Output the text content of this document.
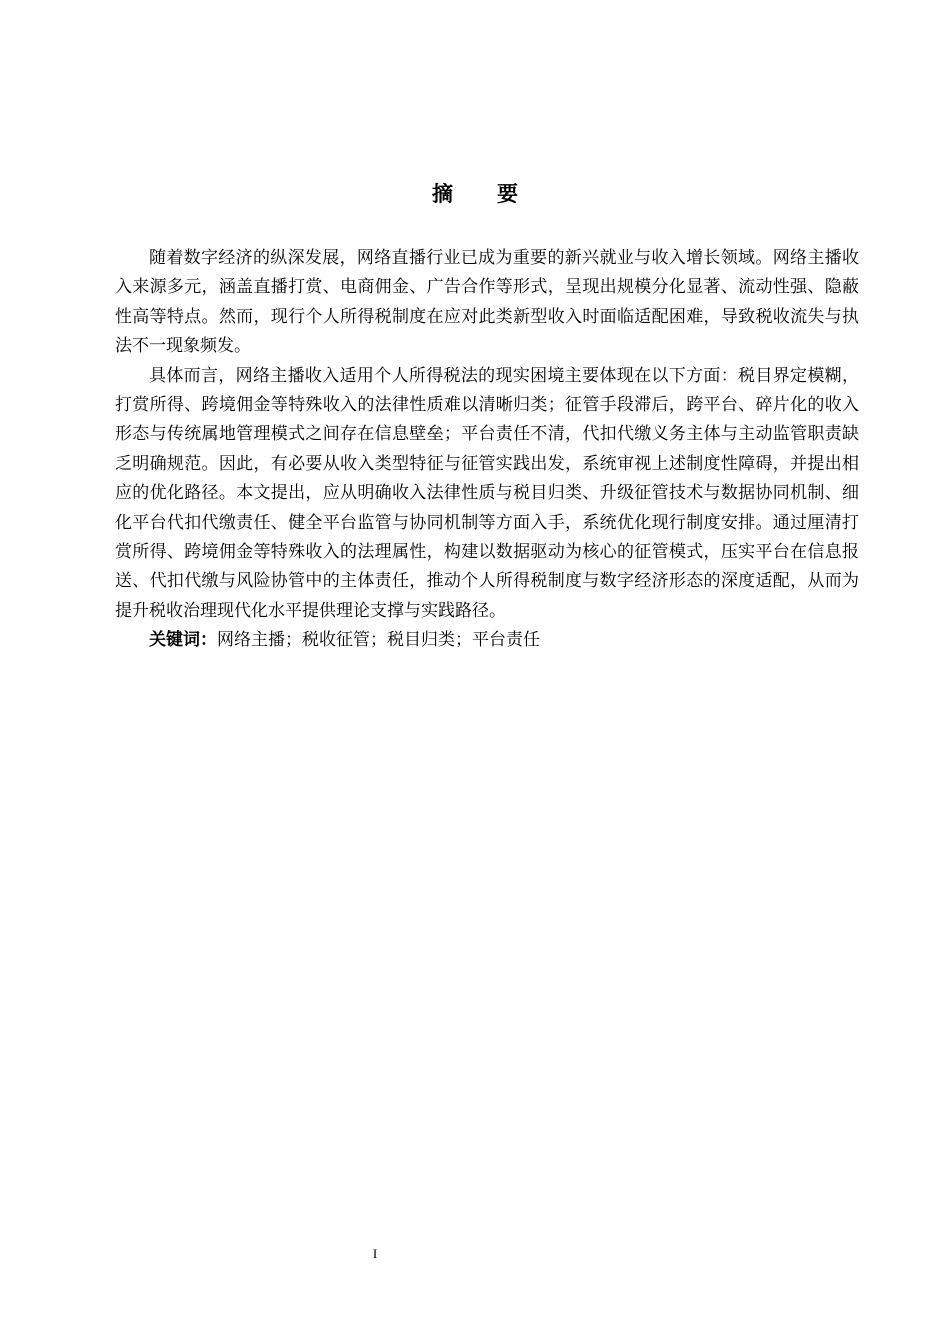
摘要

随着数字经济的纵深发展，网络直播行业已成为重要的新兴就业与收入增长领域。网络主播收入来源多元，涵盖直播打赏、电商佣金、广告合作等形式，呈现出规模分化显著、流动性强、隐蔽性高等特点。然而，现行个人所得税制度在应对此类新型收入时面临适配困难，导致税收流失与执法不一现象频发。

具体而言，网络主播收入适用个人所得税法的现实困境主要体现在以下方面：税目界定模糊，打赏所得、跨境佣金等特殊收入的法律性质难以清晰归类；征管手段滞后，跨平台、碎片化的收入形态与传统属地管理模式之间存在信息壁垒；平台责任不清，代扣代缴义务主体与主动监管职责缺乏明确规范。因此，有必要从收入类型特征与征管实践出发，系统审视上述制度性障碍，并提出相应的优化路径。本文提出，应从明确收入法律性质与税目归类、升级征管技术与数据协同机制、细化平台代扣代缴责任、健全平台监管与协同机制等方面入手，系统优化现行制度安排。通过厘清打赏所得、跨境佣金等特殊收入的法理属性，构建以数据驱动为核心的征管模式，压实平台在信息报送、代扣代缴与风险协管中的主体责任，推动个人所得税制度与数字经济形态的深度适配，从而为提升税收治理现代化水平提供理论支撑与实践路径。

关键词：网络主播；税收征管；税目归类；平台责任

I
